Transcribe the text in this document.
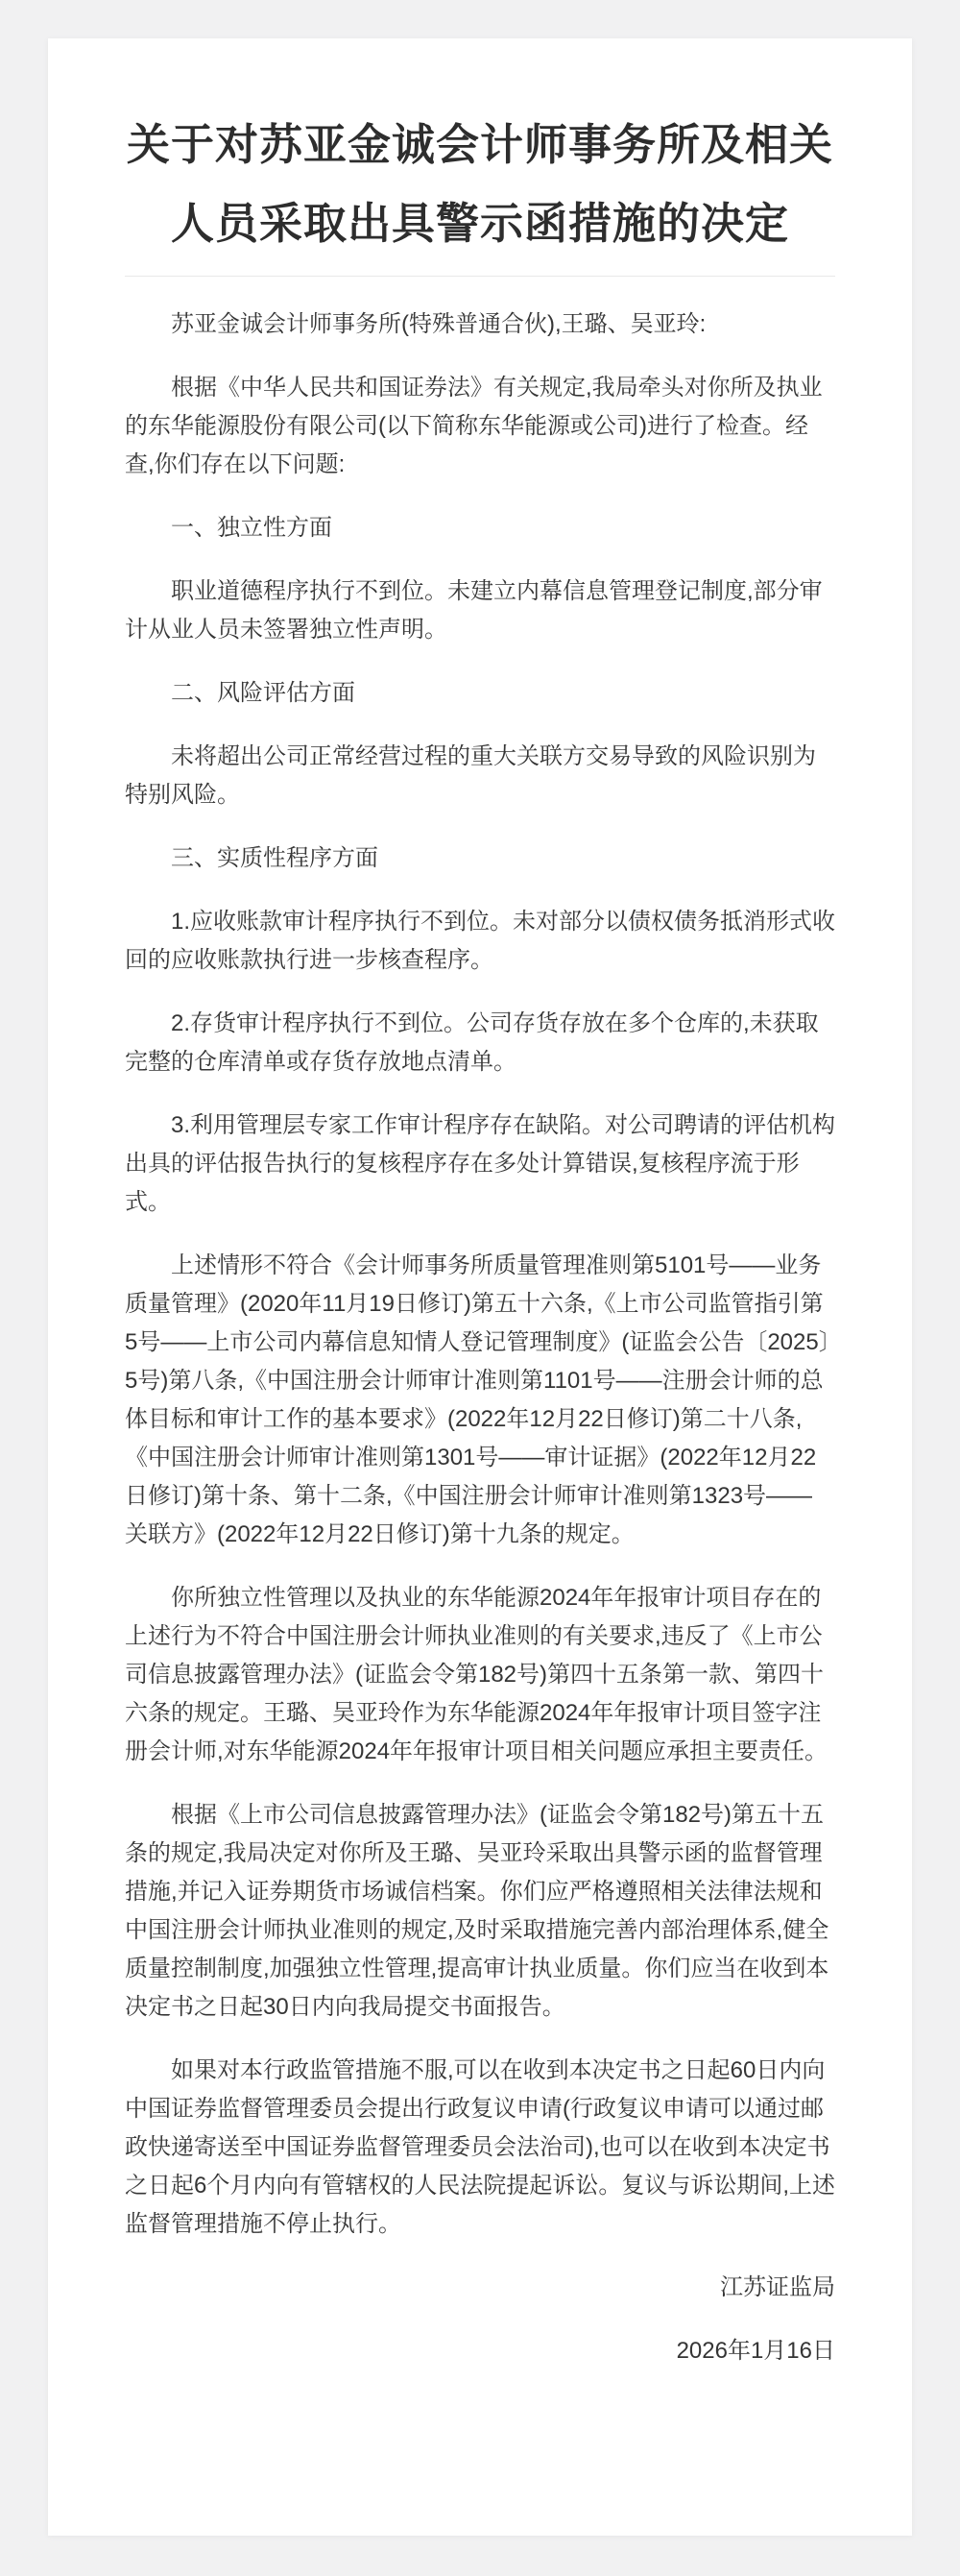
关于对苏亚金诚会计师事务所及相关人员采取出具警示函措施的决定

苏亚金诚会计师事务所(特殊普通合伙),王璐、吴亚玲:

根据《中华人民共和国证券法》有关规定,我局牵头对你所及执业的东华能源股份有限公司(以下简称东华能源或公司)进行了检查。经查,你们存在以下问题:

一、独立性方面

职业道德程序执行不到位。未建立内幕信息管理登记制度,部分审计从业人员未签署独立性声明。

二、风险评估方面

未将超出公司正常经营过程的重大关联方交易导致的风险识别为特别风险。

三、实质性程序方面

1.应收账款审计程序执行不到位。未对部分以债权债务抵消形式收回的应收账款执行进一步核查程序。

2.存货审计程序执行不到位。公司存货存放在多个仓库的,未获取完整的仓库清单或存货存放地点清单。

3.利用管理层专家工作审计程序存在缺陷。对公司聘请的评估机构出具的评估报告执行的复核程序存在多处计算错误,复核程序流于形式。

上述情形不符合《会计师事务所质量管理准则第5101号——业务质量管理》(2020年11月19日修订)第五十六条,《上市公司监管指引第5号——上市公司内幕信息知情人登记管理制度》(证监会公告〔2025〕5号)第八条,《中国注册会计师审计准则第1101号——注册会计师的总体目标和审计工作的基本要求》(2022年12月22日修订)第二十八条,《中国注册会计师审计准则第1301号——审计证据》(2022年12月22日修订)第十条、第十二条,《中国注册会计师审计准则第1323号——关联方》(2022年12月22日修订)第十九条的规定。

你所独立性管理以及执业的东华能源2024年年报审计项目存在的上述行为不符合中国注册会计师执业准则的有关要求,违反了《上市公司信息披露管理办法》(证监会令第182号)第四十五条第一款、第四十六条的规定。王璐、吴亚玲作为东华能源2024年年报审计项目签字注册会计师,对东华能源2024年年报审计项目相关问题应承担主要责任。

根据《上市公司信息披露管理办法》(证监会令第182号)第五十五条的规定,我局决定对你所及王璐、吴亚玲采取出具警示函的监督管理措施,并记入证券期货市场诚信档案。你们应严格遵照相关法律法规和中国注册会计师执业准则的规定,及时采取措施完善内部治理体系,健全质量控制制度,加强独立性管理,提高审计执业质量。你们应当在收到本决定书之日起30日内向我局提交书面报告。

如果对本行政监管措施不服,可以在收到本决定书之日起60日内向中国证券监督管理委员会提出行政复议申请(行政复议申请可以通过邮政快递寄送至中国证券监督管理委员会法治司),也可以在收到本决定书之日起6个月内向有管辖权的人民法院提起诉讼。复议与诉讼期间,上述监督管理措施不停止执行。

江苏证监局

2026年1月16日
